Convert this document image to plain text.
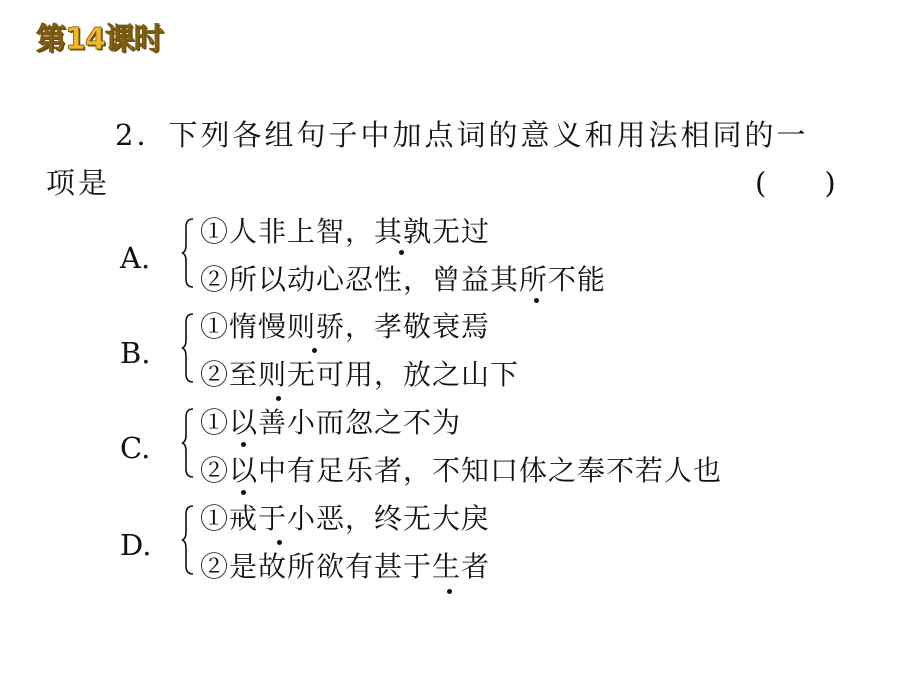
第14课时
2．下列各组句子中加点词的意义和用法相同的一
项是	(　　)
A.
①人非上智，其孰无过
②所以动心忍性，曾益其所不能
B.
①惰慢则骄，孝敬衰焉
②至则无可用，放之山下
C.
①以善小而忽之不为
②以中有足乐者，不知口体之奉不若人也
D.
①戒于小恶，终无大戾
②是故所欲有甚于生者
